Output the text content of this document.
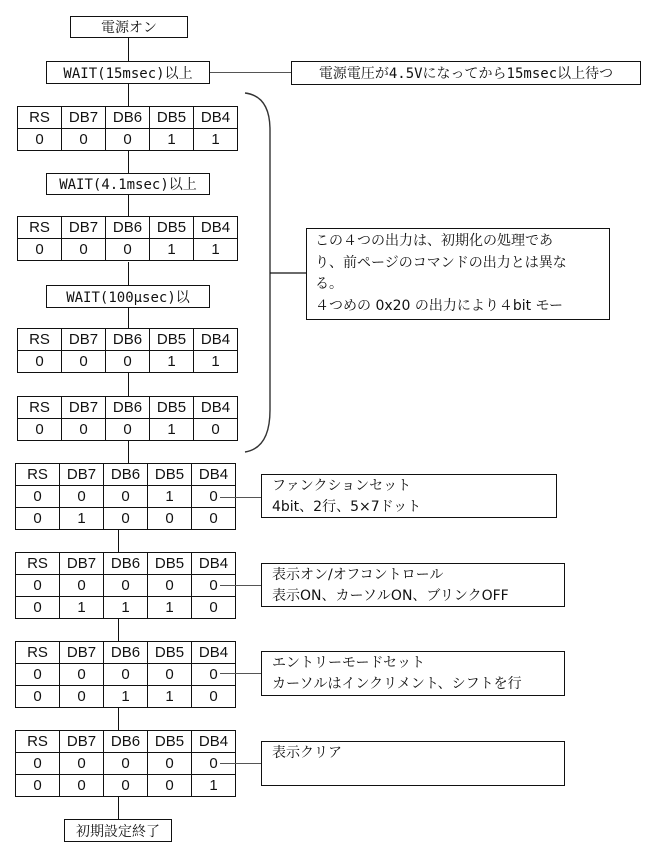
電源オン
WAIT(15msec)以上	電源電圧が4.5Vになってから15msec以上待つ
RS	DB7	DB6	DB5	DB4
0	0	0	1	1
WAIT(4.1msec)以上
RS	DB7	DB6	DB5	DB4
0	0	0	1	1
WAIT(100μsec)以
RS	DB7	DB6	DB5	DB4
0	0	0	1	1
RS	DB7	DB6	DB5	DB4
0	0	0	1	0
この４つの出力は、初期化の処理であ
り、前ページのコマンドの出力とは異な
る。
４つめの 0x20 の出力により４bit モー
RS	DB7	DB6	DB5	DB4
0	0	0	1	0
0	1	0	0	0
ファンクションセット
4bit、2行、5×7ドット
RS	DB7	DB6	DB5	DB4
0	0	0	0	0
0	1	1	1	0
表示オン/オフコントロール
表示ON、カーソルON、ブリンクOFF
RS	DB7	DB6	DB5	DB4
0	0	0	0	0
0	0	1	1	0
エントリーモードセット
カーソルはインクリメント、シフトを行
RS	DB7	DB6	DB5	DB4
0	0	0	0	0
0	0	0	0	1
表示クリア
初期設定終了
